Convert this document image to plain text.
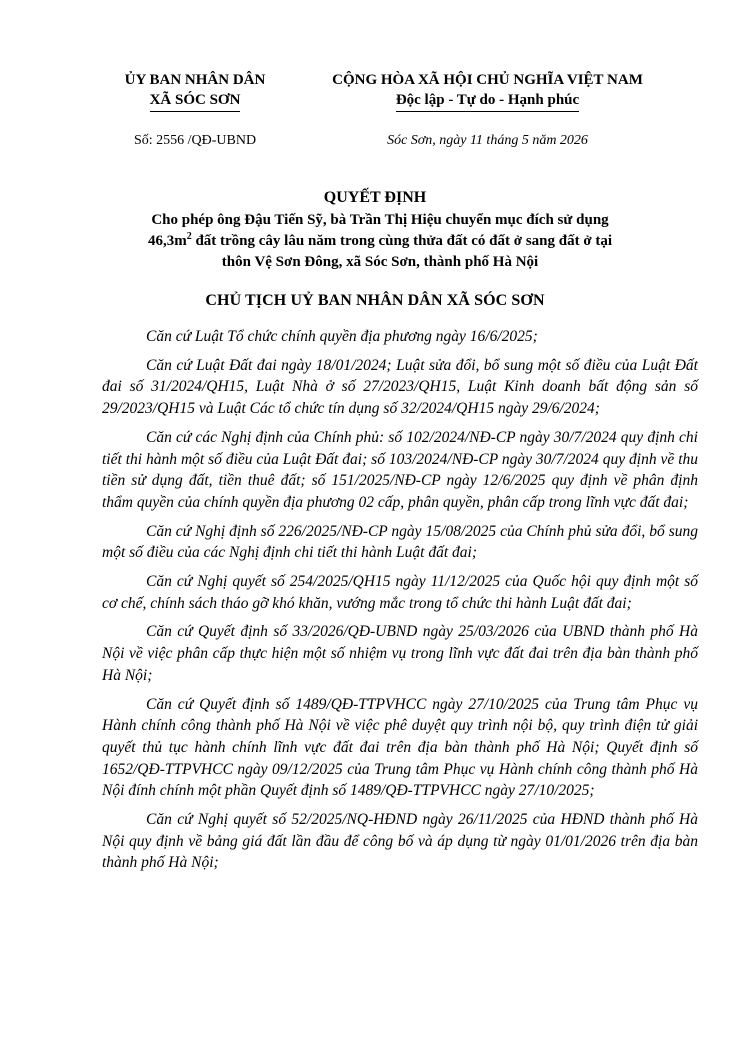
ỦY BAN NHÂN DÂN
XÃ SÓC SƠN
CỘNG HÒA XÃ HỘI CHỦ NGHĨA VIỆT NAM
Độc lập - Tự do - Hạnh phúc
Số: 2556 /QĐ-UBND	Sóc Sơn, ngày 11 tháng 5 năm 2026
QUYẾT ĐỊNH
Cho phép ông Đậu Tiến Sỹ, bà Trần Thị Hiệu chuyển mục đích sử dụng
$46,3m^2$ đất trồng cây lâu năm trong cùng thửa đất có đất ở sang đất ở tại
thôn Vệ Sơn Đông, xã Sóc Sơn, thành phố Hà Nội
CHỦ TỊCH UỶ BAN NHÂN DÂN XÃ SÓC SƠN

Căn cứ Luật Tổ chức chính quyền địa phương ngày 16/6/2025;

Căn cứ Luật Đất đai ngày 18/01/2024; Luật sửa đổi, bổ sung một số điều của Luật Đất đai số 31/2024/QH15, Luật Nhà ở số 27/2023/QH15, Luật Kinh doanh bất động sản số 29/2023/QH15 và Luật Các tổ chức tín dụng số 32/2024/QH15 ngày 29/6/2024;

Căn cứ các Nghị định của Chính phủ: số 102/2024/NĐ-CP ngày 30/7/2024 quy định chi tiết thi hành một số điều của Luật Đất đai; số 103/2024/NĐ-CP ngày 30/7/2024 quy định về thu tiền sử dụng đất, tiền thuê đất; số 151/2025/NĐ-CP ngày 12/6/2025 quy định về phân định thẩm quyền của chính quyền địa phương 02 cấp, phân quyền, phân cấp trong lĩnh vực đất đai;

Căn cứ Nghị định số 226/2025/NĐ-CP ngày 15/08/2025 của Chính phủ sửa đổi, bổ sung một số điều của các Nghị định chi tiết thi hành Luật đất đai;

Căn cứ Nghị quyết số 254/2025/QH15 ngày 11/12/2025 của Quốc hội quy định một số cơ chế, chính sách tháo gỡ khó khăn, vướng mắc trong tổ chức thi hành Luật đất đai;

Căn cứ Quyết định số 33/2026/QĐ-UBND ngày 25/03/2026 của UBND thành phố Hà Nội về việc phân cấp thực hiện một số nhiệm vụ trong lĩnh vực đất đai trên địa bàn thành phố Hà Nội;

Căn cứ Quyết định số 1489/QĐ-TTPVHCC ngày 27/10/2025 của Trung tâm Phục vụ Hành chính công thành phố Hà Nội về việc phê duyệt quy trình nội bộ, quy trình điện tử giải quyết thủ tục hành chính lĩnh vực đất đai trên địa bàn thành phố Hà Nội; Quyết định số 1652/QĐ-TTPVHCC ngày 09/12/2025 của Trung tâm Phục vụ Hành chính công thành phố Hà Nội đính chính một phần Quyết định số 1489/QĐ-TTPVHCC ngày 27/10/2025;

Căn cứ Nghị quyết số 52/2025/NQ-HĐND ngày 26/11/2025 của HĐND thành phố Hà Nội quy định về bảng giá đất lần đầu để công bố và áp dụng từ ngày 01/01/2026 trên địa bàn thành phố Hà Nội;
